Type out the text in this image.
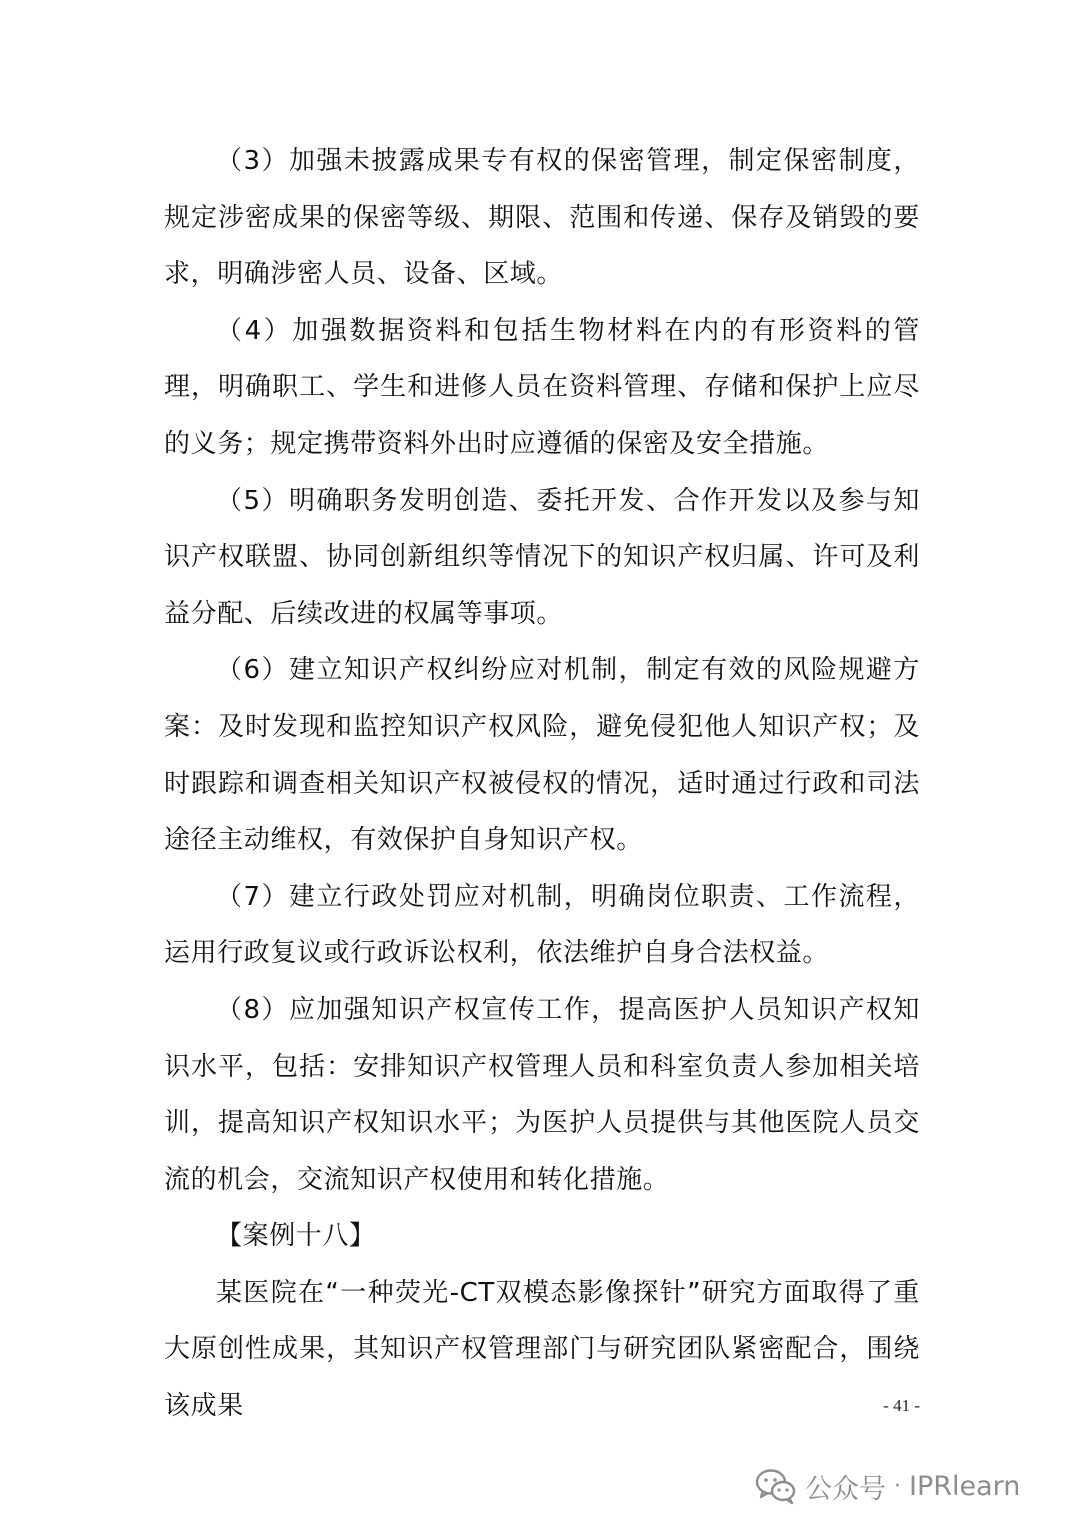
（3）加强未披露成果专有权的保密管理，制定保密制度，规定涉密成果的保密等级、期限、范围和传递、保存及销毁的要求，明确涉密人员、设备、区域。

（4）加强数据资料和包括生物材料在内的有形资料的管理，明确职工、学生和进修人员在资料管理、存储和保护上应尽的义务；规定携带资料外出时应遵循的保密及安全措施。

（5）明确职务发明创造、委托开发、合作开发以及参与知识产权联盟、协同创新组织等情况下的知识产权归属、许可及利益分配、后续改进的权属等事项。

（6）建立知识产权纠纷应对机制，制定有效的风险规避方案：及时发现和监控知识产权风险，避免侵犯他人知识产权；及时跟踪和调查相关知识产权被侵权的情况，适时通过行政和司法途径主动维权，有效保护自身知识产权。

（7）建立行政处罚应对机制，明确岗位职责、工作流程，运用行政复议或行政诉讼权利，依法维护自身合法权益。

（8）应加强知识产权宣传工作，提高医护人员知识产权知识水平，包括：安排知识产权管理人员和科室负责人参加相关培训，提高知识产权知识水平；为医护人员提供与其他医院人员交流的机会，交流知识产权使用和转化措施。

【案例十八】

某医院在“一种荧光-CT双模态影像探针”研究方面取得了重大原创性成果，其知识产权管理部门与研究团队紧密配合，围绕该成果	- 41 -
公众号 · IPRlearn
